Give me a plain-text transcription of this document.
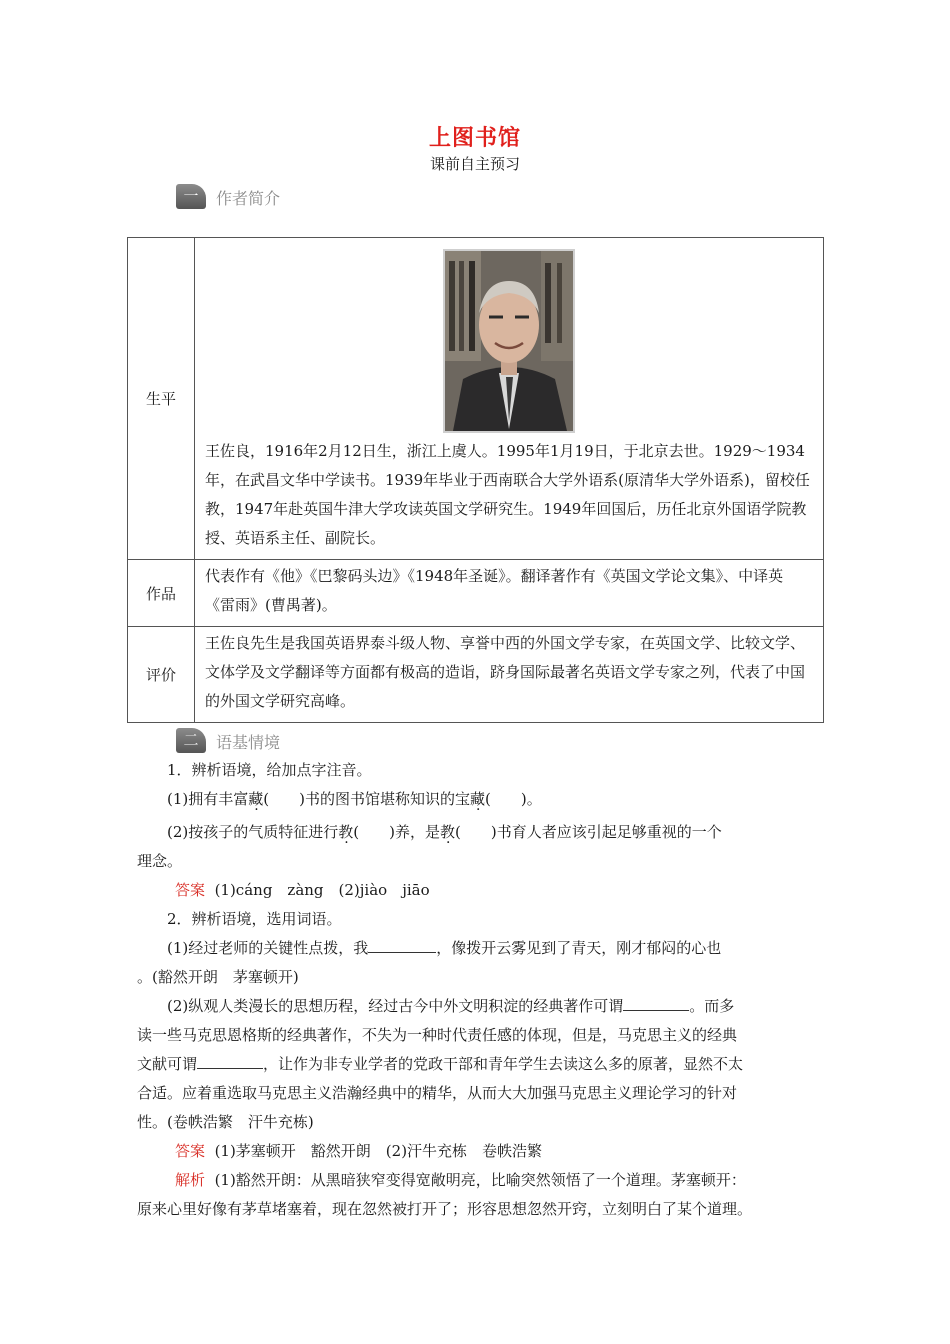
上图书馆
课前自主预习
一	作者简介
生平	王佐良，1916年2月12日生，浙江上虞人。1995年1月19日，于北京去世。1929～1934年，在武昌文华中学读书。1939年毕业于西南联合大学外语系(原清华大学外语系)，留校任教，1947年赴英国牛津大学攻读英国文学研究生。1949年回国后，历任北京外国语学院教授、英语系主任、副院长。

作品	代表作有《他》《巴黎码头边》《1948年圣诞》。翻译著作有《英国文学论文集》、中译英《雷雨》(曹禺著)。
评价	王佐良先生是我国英语界泰斗级人物、享誉中西的外国文学专家，在英国文学、比较文学、文体学及文学翻译等方面都有极高的造诣，跻身国际最著名英语文学专家之列，代表了中国的外国文学研究高峰。
二	语基情境
1．辨析语境，给加点字注音。
(1)拥有丰富藏(　　)书的图书馆堪称知识的宝藏(　　)。
(2)按孩子的气质特征进行教(　　)养，是教(　　)书育人者应该引起足够重视的一个
理念。
答案 (1)cáng　zàng　(2)jiào　jiāo
2．辨析语境，选用词语。
(1)经过老师的关键性点拨，我	，像拨开云雾见到了青天，刚才郁闷的心也
。(豁然开朗　茅塞顿开)
(2)纵观人类漫长的思想历程，经过古今中外文明积淀的经典著作可谓	。而多
读一些马克思恩格斯的经典著作，不失为一种时代责任感的体现，但是，马克思主义的经典
文献可谓	，让作为非专业学者的党政干部和青年学生去读这么多的原著，显然不太
合适。应着重选取马克思主义浩瀚经典中的精华，从而大大加强马克思主义理论学习的针对
性。(卷帙浩繁　汗牛充栋)
答案 (1)茅塞顿开　豁然开朗　(2)汗牛充栋　卷帙浩繁
解析 (1)豁然开朗：从黑暗狭窄变得宽敞明亮，比喻突然领悟了一个道理。茅塞顿开：
原来心里好像有茅草堵塞着，现在忽然被打开了；形容思想忽然开窍，立刻明白了某个道理。
